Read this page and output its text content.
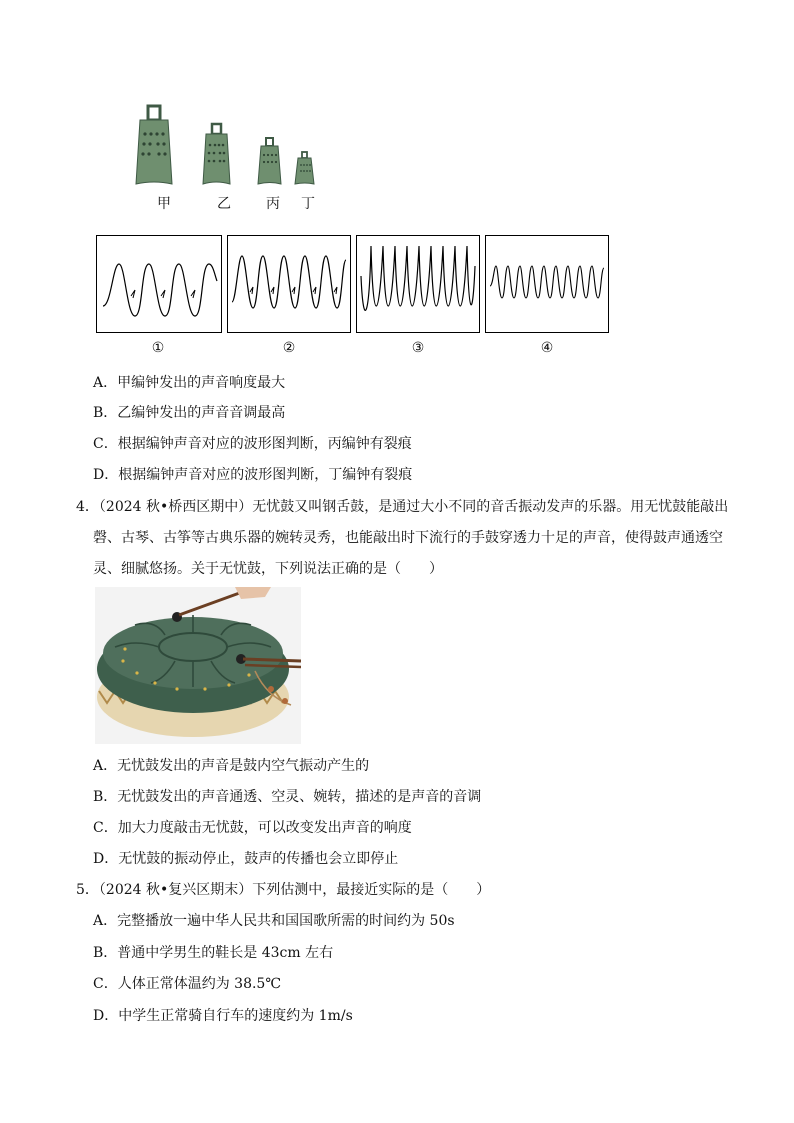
甲	乙	丙 丁
①	②	③	④
A．甲编钟发出的声音响度最大
B．乙编钟发出的声音音调最高
C．根据编钟声音对应的波形图判断，丙编钟有裂痕
D．根据编钟声音对应的波形图判断，丁编钟有裂痕
4．（2024 秋•桥西区期中）无忧鼓又叫钢舌鼓，是通过大小不同的音舌振动发声的乐器。用无忧鼓能敲出
磬、古琴、古筝等古典乐器的婉转灵秀，也能敲出时下流行的手鼓穿透力十足的声音，使得鼓声通透空
灵、细腻悠扬。关于无忧鼓，下列说法正确的是（　　）
A．无忧鼓发出的声音是鼓内空气振动产生的
B．无忧鼓发出的声音通透、空灵、婉转，描述的是声音的音调
C．加大力度敲击无忧鼓，可以改变发出声音的响度
D．无忧鼓的振动停止，鼓声的传播也会立即停止
5．（2024 秋•复兴区期末）下列估测中，最接近实际的是（　　）
A．完整播放一遍中华人民共和国国歌所需的时间约为 50s
B．普通中学男生的鞋长是 43cm 左右
C．人体正常体温约为 38.5℃
D．中学生正常骑自行车的速度约为 1m/s
